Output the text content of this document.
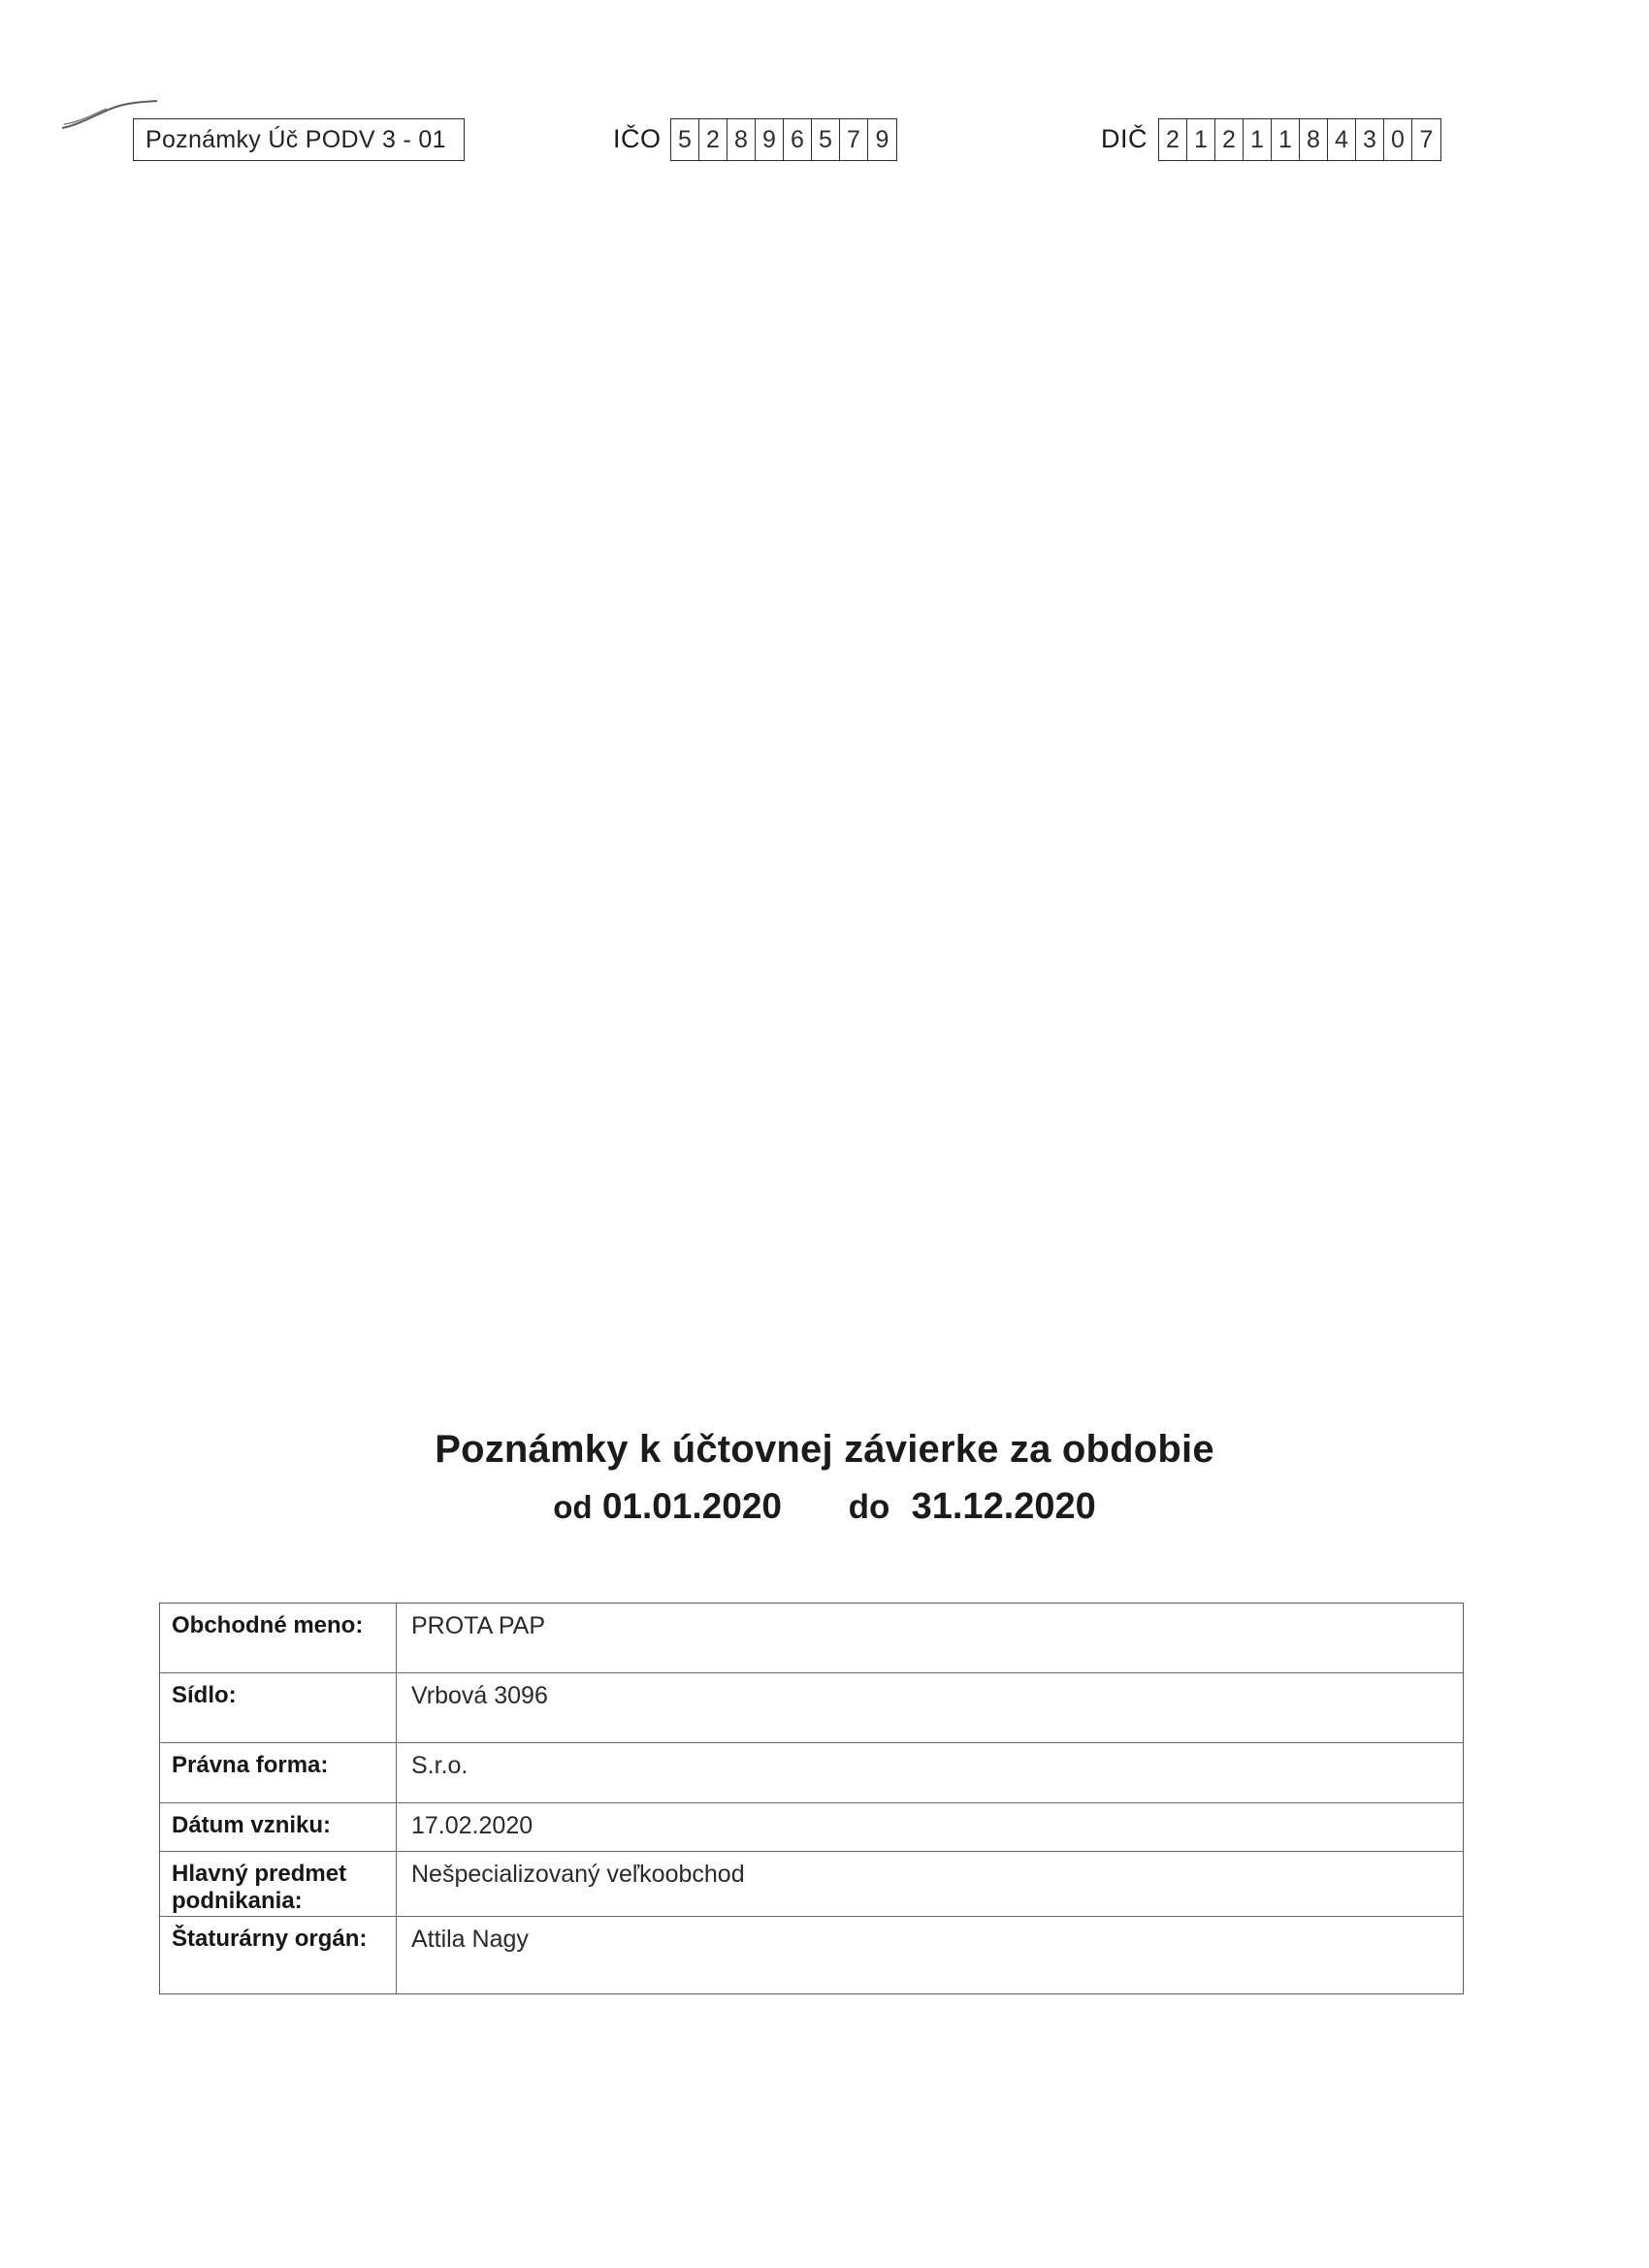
Poznámky Úč PODV 3 - 01	IČO 5 2 8 9 6 5 7 9	DIČ 2 1 2 1 1 8 4 3 0 7
Poznámky k účtovnej závierke za obdobie
od 01.01.2020 do 31.12.2020
Obchodné meno:	PROTA PAP
Sídlo:	Vrbová 3096
Právna forma:	S.r.o.
Dátum vzniku:	17.02.2020
Hlavný predmet podnikania:	Nešpecializovaný veľkoobchod
Štaturárny orgán:	Attila Nagy
